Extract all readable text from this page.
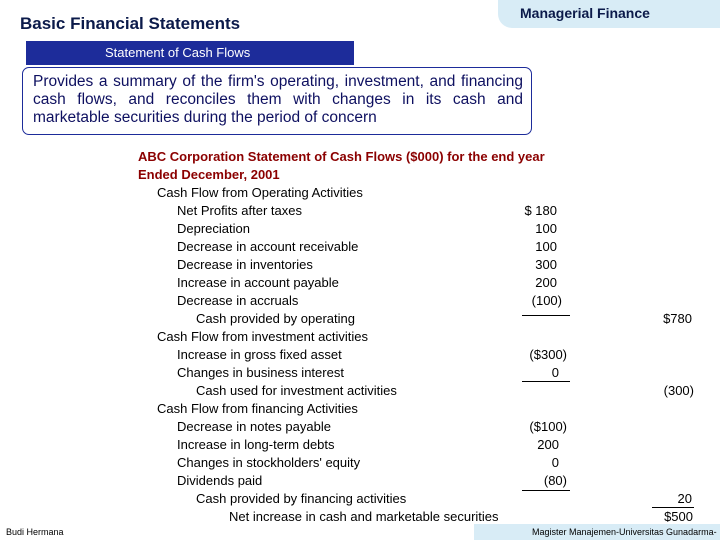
Managerial Finance
Basic Financial Statements
Statement of Cash Flows
Provides a summary of the firm's operating, investment, and financing cash flows, and reconciles them with changes in its cash and marketable securities during the period of concern
ABC Corporation Statement of Cash Flows ($000) for the end year
Ended December, 2001
Cash Flow from Operating Activities
Net Profits after taxes	$ 180
Depreciation	100
Decrease in account receivable	100
Decrease in inventories	300
Increase in account payable	200
Decrease in accruals	(100)
Cash provided by operating	$780
Cash Flow from investment activities
Increase in gross fixed asset	($300)
Changes in business interest	0
Cash used for investment activities	(300)
Cash Flow from financing Activities
Decrease in notes payable	($100)
Increase in long-term debts	200
Changes in stockholders' equity	0
Dividends paid	(80)
Cash provided by financing activities	20
Net increase in cash and marketable securities	$500
Budi Hermana	Magister Manajemen-Universitas Gunadarma-
